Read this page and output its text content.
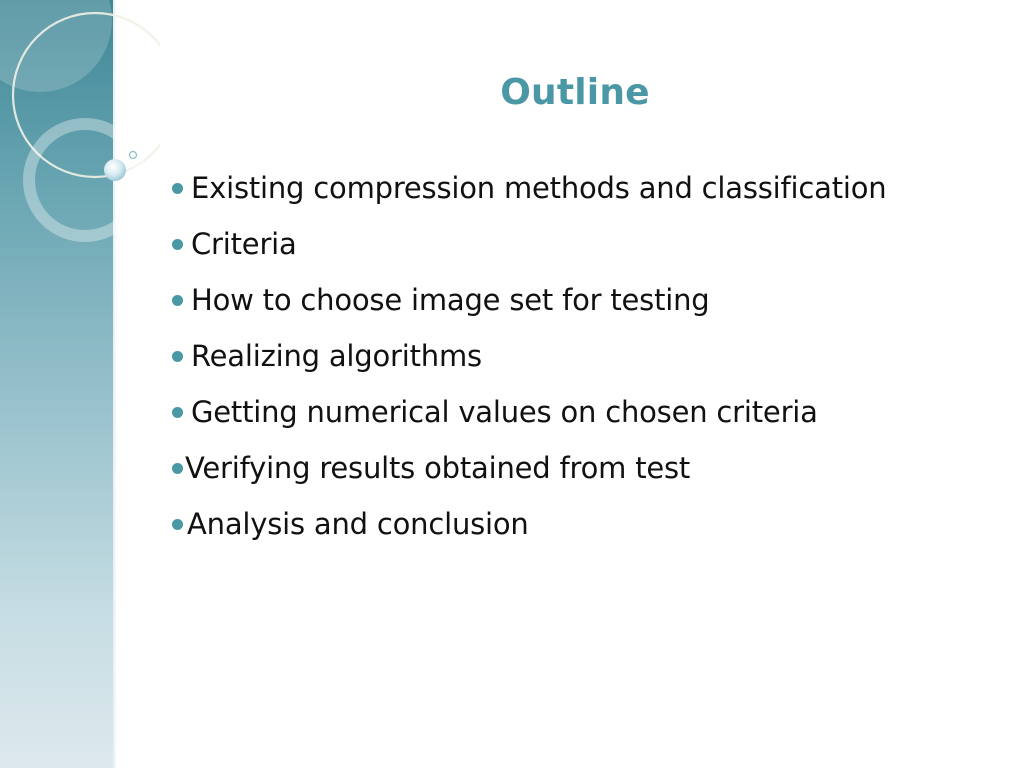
Outline
Existing compression methods and classification
Criteria
How to choose image set for testing
Realizing algorithms
Getting numerical values on chosen criteria
Verifying results obtained from test
Analysis and conclusion
